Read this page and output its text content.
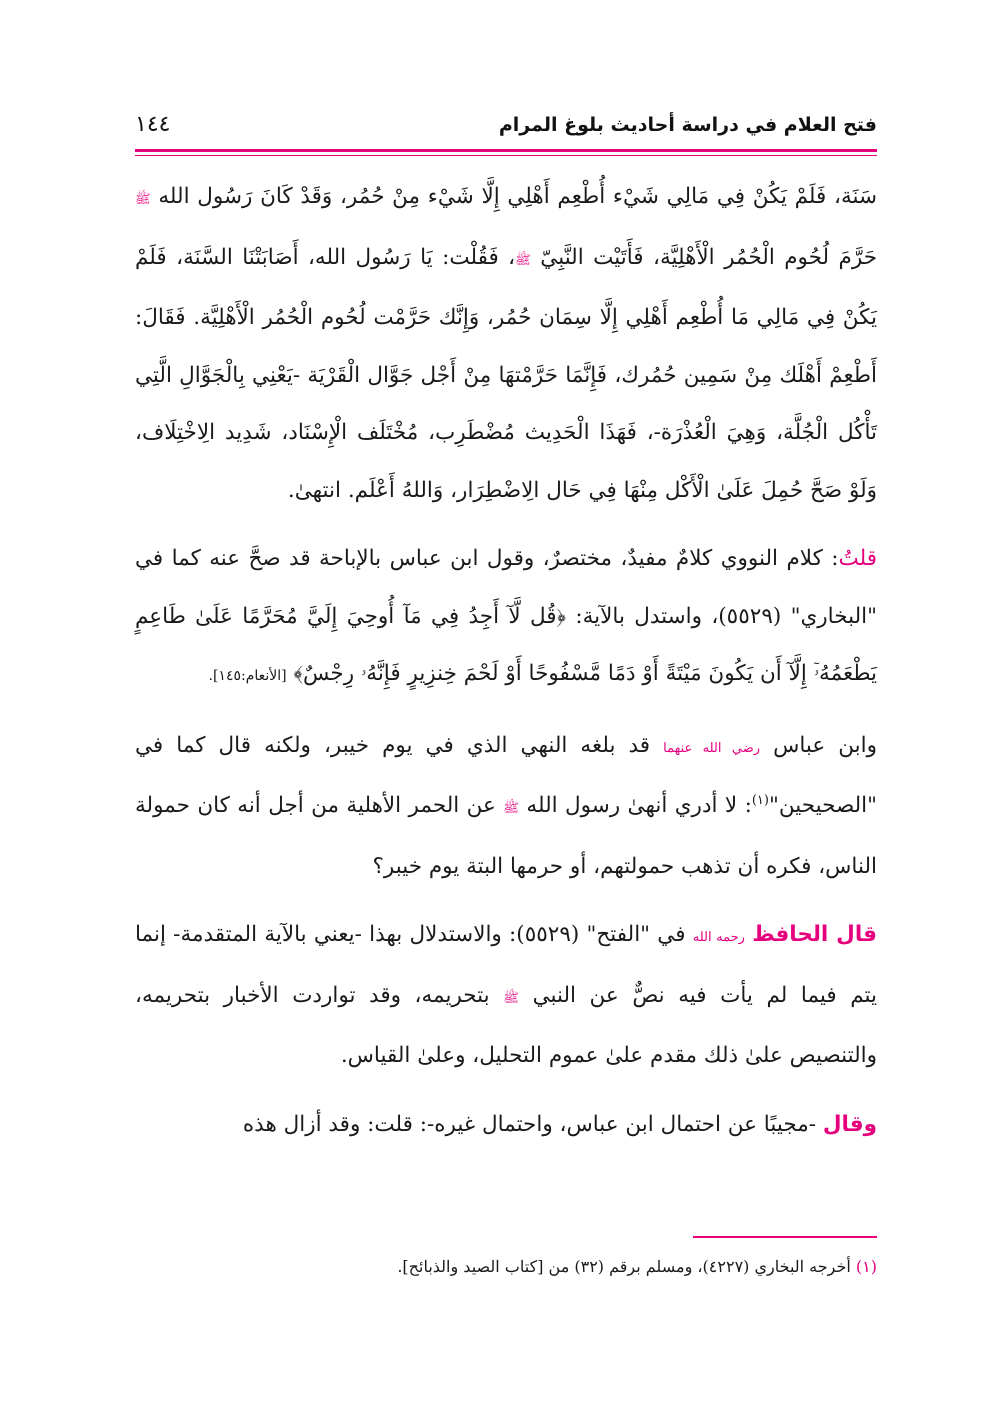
فتح العلام في دراسة أحاديث بلوغ المرام
١٤٤

سَنَة، فَلَمْ يَكُنْ فِي مَالِي شَيْء أُطْعِم أَهْلِي إِلَّا شَيْء مِنْ حُمُر، وَقَدْ كَانَ رَسُول الله ﷺ حَرَّمَ لُحُوم الْحُمُر الْأَهْلِيَّة، فَأَتَيْت النَّبِيّ ﷺ، فَقُلْت: يَا رَسُول الله، أَصَابَتْنَا السَّنَة، فَلَمْ يَكُنْ فِي مَالِي مَا أُطْعِم أَهْلِي إِلَّا سِمَان حُمُر، وَإِنَّك حَرَّمْت لُحُوم الْحُمُر الْأَهْلِيَّة. فَقَالَ: أَطْعِمْ أَهْلَك مِنْ سَمِين حُمُرك، فَإِنَّمَا حَرَّمْتهَا مِنْ أَجْل جَوَّال الْقَرْيَة -يَعْنِي بِالْجَوَّالِ الَّتِي تَأْكُل الْجُلَّة، وَهِيَ الْعُذْرَة-، فَهَذَا الْحَدِيث مُضْطَرِب، مُخْتَلَف الْإِسْنَاد، شَدِيد الِاخْتِلَاف، وَلَوْ صَحَّ حُمِلَ عَلَىٰ الْأَكْل مِنْهَا فِي حَال الِاضْطِرَار، وَاللهُ أَعْلَم. انتهىٰ.

قلتُ: كلام النووي كلامٌ مفيدٌ، مختصرٌ، وقول ابن عباس بالإباحة قد صحَّ عنه كما في "البخاري" (٥٥٢٩)، واستدل بالآية: ﴿قُل لَّآ أَجِدُ فِي مَآ أُوحِيَ إِلَيَّ مُحَرَّمًا عَلَىٰ طَاعِمٍ يَطْعَمُهُۥٓ إِلَّآ أَن يَكُونَ مَيْتَةً أَوْ دَمًا مَّسْفُوحًا أَوْ لَحْمَ خِنزِيرٍ فَإِنَّهُۥ رِجْسٌ﴾ [الأنعام:١٤٥].

وابن عباس رضي الله عنهما قد بلغه النهي الذي في يوم خيبر، ولكنه قال كما في "الصحيحين"$^{(١)}$: لا أدري أنهىٰ رسول الله ﷺ عن الحمر الأهلية من أجل أنه كان حمولة الناس، فكره أن تذهب حمولتهم، أو حرمها البتة يوم خيبر؟

قال الحافظ رحمه الله في "الفتح" (٥٥٢٩): والاستدلال بهذا -يعني بالآية المتقدمة- إنما يتم فيما لم يأت فيه نصٌّ عن النبي ﷺ بتحريمه، وقد تواردت الأخبار بتحريمه، والتنصيص علىٰ ذلك مقدم علىٰ عموم التحليل، وعلىٰ القياس.

وقال -مجيبًا عن احتمال ابن عباس، واحتمال غيره-: قلت: وقد أزال هذه

(١) أخرجه البخاري (٤٢٢٧)، ومسلم برقم (٣٢) من [كتاب الصيد والذبائح].
